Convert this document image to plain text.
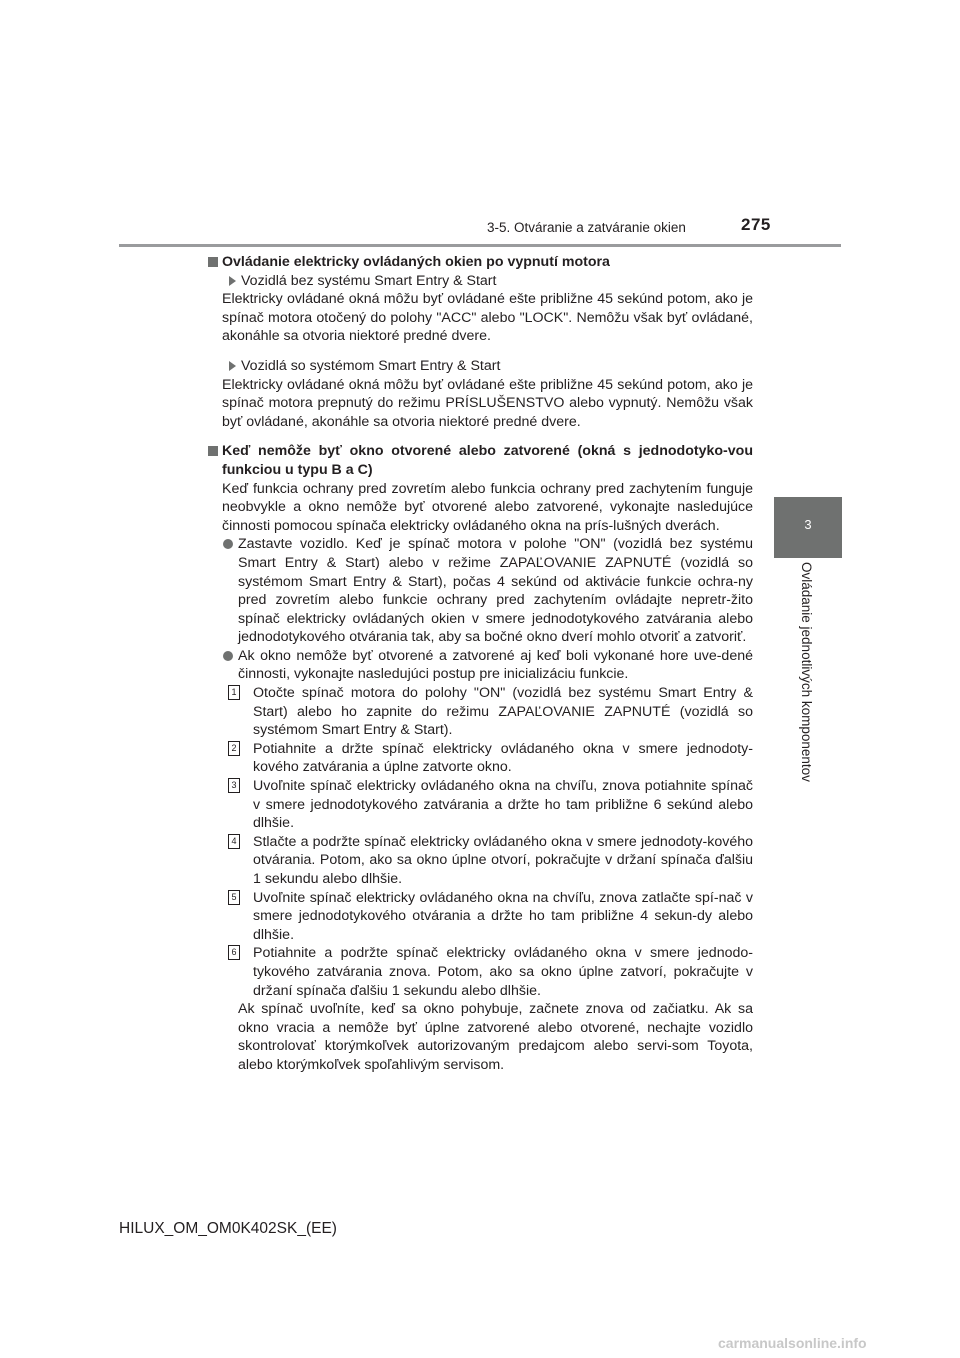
3-5. Otváranie a zatváranie okien	275
3
Ovládanie jednotlivých komponentov

Ovládanie elektricky ovládaných okien po vypnutí motora

Vozidlá bez systému Smart Entry & Start

Elektricky ovládané okná môžu byť ovládané ešte približne 45 sekúnd potom, ako je spínač motora otočený do polohy "ACC" alebo "LOCK". Nemôžu však byť ovládané, akonáhle sa otvoria niektoré predné dvere.

Vozidlá so systémom Smart Entry & Start

Elektricky ovládané okná môžu byť ovládané ešte približne 45 sekúnd potom, ako je spínač motora prepnutý do režimu PRÍSLUŠENSTVO alebo vypnutý. Nemôžu však byť ovládané, akonáhle sa otvoria niektoré predné dvere.

Keď nemôže byť okno otvorené alebo zatvorené (okná s jednodotyko-vou funkciou u typu B a C)

Keď funkcia ochrany pred zovretím alebo funkcia ochrany pred zachytením funguje neobvykle a okno nemôže byť otvorené alebo zatvorené, vykonajte nasledujúce činnosti pomocou spínača elektricky ovládaného okna na prís-lušných dverách.

Zastavte vozidlo. Keď je spínač motora v polohe "ON" (vozidlá bez systému Smart Entry & Start) alebo v režime ZAPAĽOVANIE ZAPNUTÉ (vozidlá so systémom Smart Entry & Start), počas 4 sekúnd od aktivácie funkcie ochra-ny pred zovretím alebo funkcie ochrany pred zachytením ovládajte nepretr-žito spínač elektricky ovládaných okien v smere jednodotykového zatvárania alebo jednodotykového otvárania tak, aby sa bočné okno dverí mohlo otvoriť a zatvoriť.

Ak okno nemôže byť otvorené a zatvorené aj keď boli vykonané hore uve-dené činnosti, vykonajte nasledujúci postup pre inicializáciu funkcie.

1 Otočte spínač motora do polohy "ON" (vozidlá bez systému Smart Entry & Start) alebo ho zapnite do režimu ZAPAĽOVANIE ZAPNUTÉ (vozidlá so systémom Smart Entry & Start).

2 Potiahnite a držte spínač elektricky ovládaného okna v smere jednodoty-kového zatvárania a úplne zatvorte okno.

3 Uvoľnite spínač elektricky ovládaného okna na chvíľu, znova potiahnite spínač v smere jednodotykového zatvárania a držte ho tam približne 6 sekúnd alebo dlhšie.

4 Stlačte a podržte spínač elektricky ovládaného okna v smere jednodoty-kového otvárania. Potom, ako sa okno úplne otvorí, pokračujte v držaní spínača ďalšiu 1 sekundu alebo dlhšie.

5 Uvoľnite spínač elektricky ovládaného okna na chvíľu, znova zatlačte spí-nač v smere jednodotykového otvárania a držte ho tam približne 4 sekun-dy alebo dlhšie.

6 Potiahnite a podržte spínač elektricky ovládaného okna v smere jednodo-tykového zatvárania znova. Potom, ako sa okno úplne zatvorí, pokračujte v držaní spínača ďalšiu 1 sekundu alebo dlhšie.

Ak spínač uvoľníte, keď sa okno pohybuje, začnete znova od začiatku. Ak sa okno vracia a nemôže byť úplne zatvorené alebo otvorené, nechajte vozidlo skontrolovať ktorýmkoľvek autorizovaným predajcom alebo servi-som Toyota, alebo ktorýmkoľvek spoľahlivým servisom.

HILUX_OM_OM0K402SK_(EE)
carmanualsonline.info
